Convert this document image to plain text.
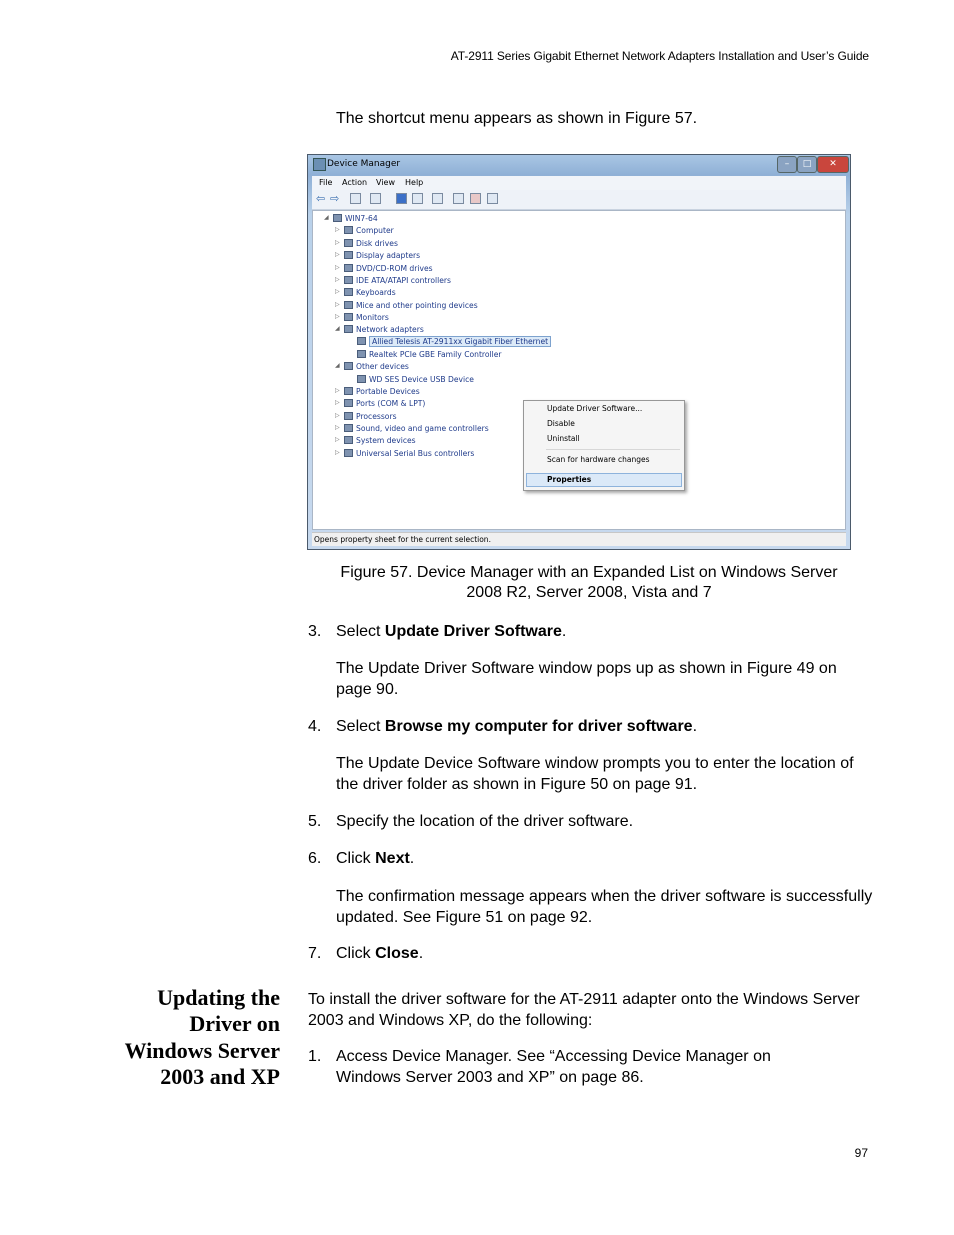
AT-2911 Series Gigabit Ethernet Network Adapters Installation and User’s Guide
The shortcut menu appears as shown in Figure 57.
Device Manager	–	□	✕
File Action View Help
⇦ ⇨
◢ WIN7-64
▷ Computer
▷ Disk drives
▷ Display adapters
▷ DVD/CD-ROM drives
▷ IDE ATA/ATAPI controllers
▷ Keyboards
▷ Mice and other pointing devices
▷ Monitors
◢ Network adapters
Allied Telesis AT-2911xx Gigabit Fiber Ethernet
Realtek PCIe GBE Family Controller
◢ Other devices
WD SES Device USB Device
▷ Portable Devices
▷ Ports (COM & LPT)
▷ Processors
▷ Sound, video and game controllers
▷ System devices
▷ Universal Serial Bus controllers
Update Driver Software...
Disable
Uninstall
Scan for hardware changes
Properties
Opens property sheet for the current selection.
Figure 57. Device Manager with an Expanded List on Windows Server
2008 R2, Server 2008, Vista and 7
3. Select Update Driver Software.
The Update Driver Software window pops up as shown in Figure 49 on page 90.
4. Select Browse my computer for driver software.
The Update Device Software window prompts you to enter the location of the driver folder as shown in Figure 50 on page 91.
5. Specify the location of the driver software.
6. Click Next.
The confirmation message appears when the driver software is successfully updated. See Figure 51 on page 92.
7. Click Close.
Updating the
Driver on
Windows Server
2003 and XP
To install the driver software for the AT-2911 adapter onto the Windows Server 2003 and Windows XP, do the following:
1. Access Device Manager. See “Accessing Device Manager on Windows Server 2003 and XP” on page 86.
97
